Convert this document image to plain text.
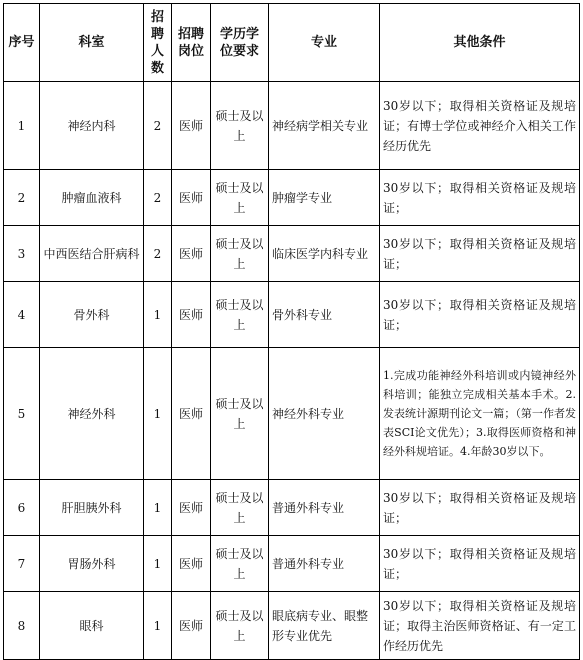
序号	科室	招聘人数	招聘岗位	学历学位要求	专业	其他条件
1	神经内科	2	医师	硕士及以上	神经病学相关专业	30岁以下；取得相关资格证及规培证；有博士学位或神经介入相关工作经历优先
2	肿瘤血液科	2	医师	硕士及以上	肿瘤学专业	30岁以下；取得相关资格证及规培证；
3	中西医结合肝病科	2	医师	硕士及以上	临床医学内科专业	30岁以下；取得相关资格证及规培证；
4	骨外科	1	医师	硕士及以上	骨外科专业	30岁以下；取得相关资格证及规培证；
5	神经外科	1	医师	硕士及以上	神经外科专业	1.完成功能神经外科培训或内镜神经外科培训；能独立完成相关基本手术。2.发表统计源期刊论文一篇；（第一作者发表SCI论文优先）；3.取得医师资格和神经外科规培证。4.年龄30岁以下。
6	肝胆胰外科	1	医师	硕士及以上	普通外科专业	30岁以下；取得相关资格证及规培证；
7	胃肠外科	1	医师	硕士及以上	普通外科专业	30岁以下；取得相关资格证及规培证；
8	眼科	1	医师	硕士及以上	眼底病专业、眼整形专业优先	30岁以下；取得相关资格证及规培证；取得主治医师资格证、有一定工作经历优先
